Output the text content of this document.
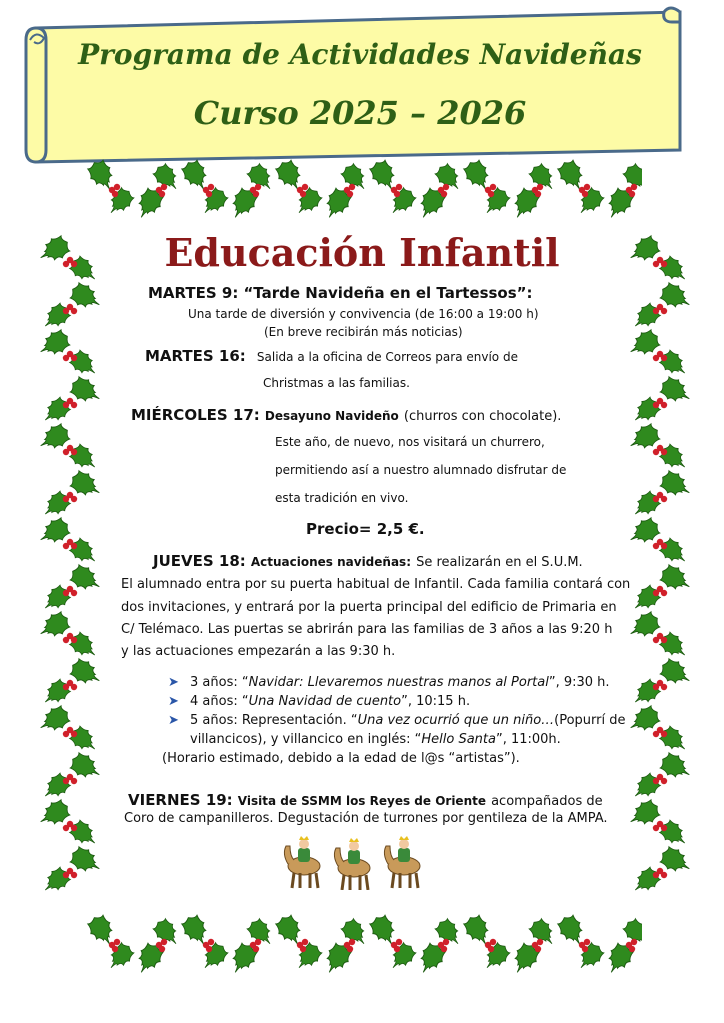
Programa de Actividades Navideñas
Curso 2025 – 2026
Educación Infantil
MARTES 9: “Tarde Navideña en el Tartessos”:
Una tarde de diversión y convivencia (de 16:00 a 19:00 h)
(En breve recibirán más noticias)
MARTES 16: Salida a la oficina de Correos para envío de
Christmas a las familias.
MIÉRCOLES 17: Desayuno Navideño (churros con chocolate).
Este año, de nuevo, nos visitará un churrero,
permitiendo así a nuestro alumnado disfrutar de
esta tradición en vivo.
Precio= 2,5 €.
JUEVES 18: Actuaciones navideñas: Se realizarán en el S.U.M.
El alumnado entra por su puerta habitual de Infantil. Cada familia contará con
dos invitaciones, y entrará por la puerta principal del edificio de Primaria en
C/ Telémaco. Las puertas se abrirán para las familias de 3 años a las 9:20 h
y las actuaciones empezarán a las 9:30 h.
➤ 3 años: “Navidar: Llevaremos nuestras manos al Portal”, 9:30 h.
➤ 4 años: “Una Navidad de cuento”, 10:15 h.
➤ 5 años: Representación. “Una vez ocurrió que un niño…(Popurrí de
villancicos), y villancico en inglés: “Hello Santa”, 11:00h.
(Horario estimado, debido a la edad de l@s “artistas”).
VIERNES 19: Visita de SSMM los Reyes de Oriente acompañados de
Coro de campanilleros. Degustación de turrones por gentileza de la AMPA.
